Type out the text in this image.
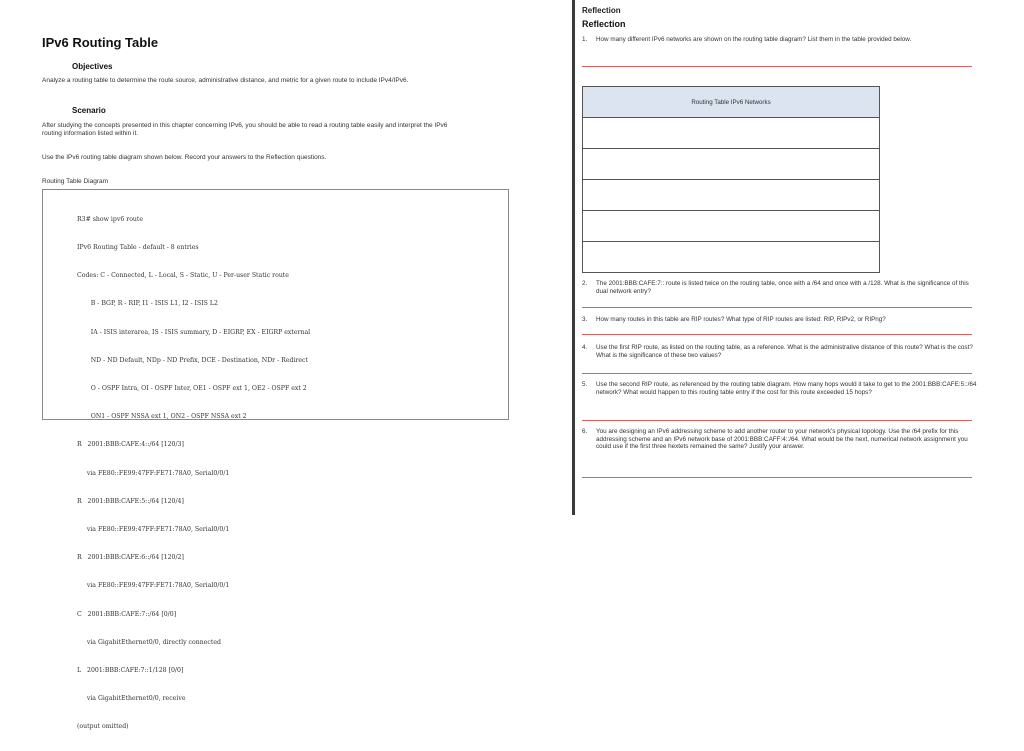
IPv6 Routing Table
Objectives
Analyze a routing table to determine the route source, administrative distance, and metric for a given route to include IPv4/IPv6.
Scenario
After studying the concepts presented in this chapter concerning IPv6, you should be able to read a routing table easily and interpret the IPv6 routing information listed within it.
Use the IPv6 routing table diagram shown below. Record your answers to the Reflection questions.
Routing Table Diagram

R3# show ipv6 route

IPv6 Routing Table - default - 8 entries

Codes: C - Connected, L - Local, S - Static, U - Per-user Static route

B - BGP, R - RIP, I1 - ISIS L1, I2 - ISIS L2

IA - ISIS interarea, IS - ISIS summary, D - EIGRP, EX - EIGRP external

ND - ND Default, NDp - ND Prefix, DCE - Destination, NDr - Redirect

O - OSPF Intra, OI - OSPF Inter, OE1 - OSPF ext 1, OE2 - OSPF ext 2

ON1 - OSPF NSSA ext 1, ON2 - OSPF NSSA ext 2

R   2001:BBB:CAFE:4::/64 [120/3]

via FE80::FE99:47FF:FE71:78A0, Serial0/0/1

R   2001:BBB:CAFE:5::/64 [120/4]

via FE80::FE99:47FF:FE71:78A0, Serial0/0/1

R   2001:BBB:CAFE:6::/64 [120/2]

via FE80::FE99:47FF:FE71:78A0, Serial0/0/1

C   2001:BBB:CAFE:7::/64 [0/0]

via GigabitEthernet0/0, directly connected

L   2001:BBB:CAFE:7::1/128 [0/0]

via GigabitEthernet0/0, receive

(output omitted)

Reflection
Reflection
1. How many different IPv6 networks are shown on the routing table diagram? List them in the table provided below.
Routing Table IPv6 Networks

2. The 2001:BBB:CAFE:7:: route is listed twice on the routing table, once with a /64 and once with a /128. What is the significance of this dual network entry?
3. How many routes in this table are RIP routes? What type of RIP routes are listed: RIP, RIPv2, or RIPng?
4. Use the first RIP route, as listed on the routing table, as a reference. What is the administrative distance of this route? What is the cost? What is the significance of these two values?
5. Use the second RIP route, as referenced by the routing table diagram. How many hops would it take to get to the 2001:BBB:CAFE:5::/64 network? What would happen to this routing table entry if the cost for this route exceeded 15 hops?
6. You are designing an IPv6 addressing scheme to add another router to your network's physical topology. Use the /64 prefix for this addressing scheme and an IPv6 network base of 2001:BBB:CAFF:4::/64. What would be the next, numerical network assignment you could use if the first three hextets remained the same? Justify your answer.
